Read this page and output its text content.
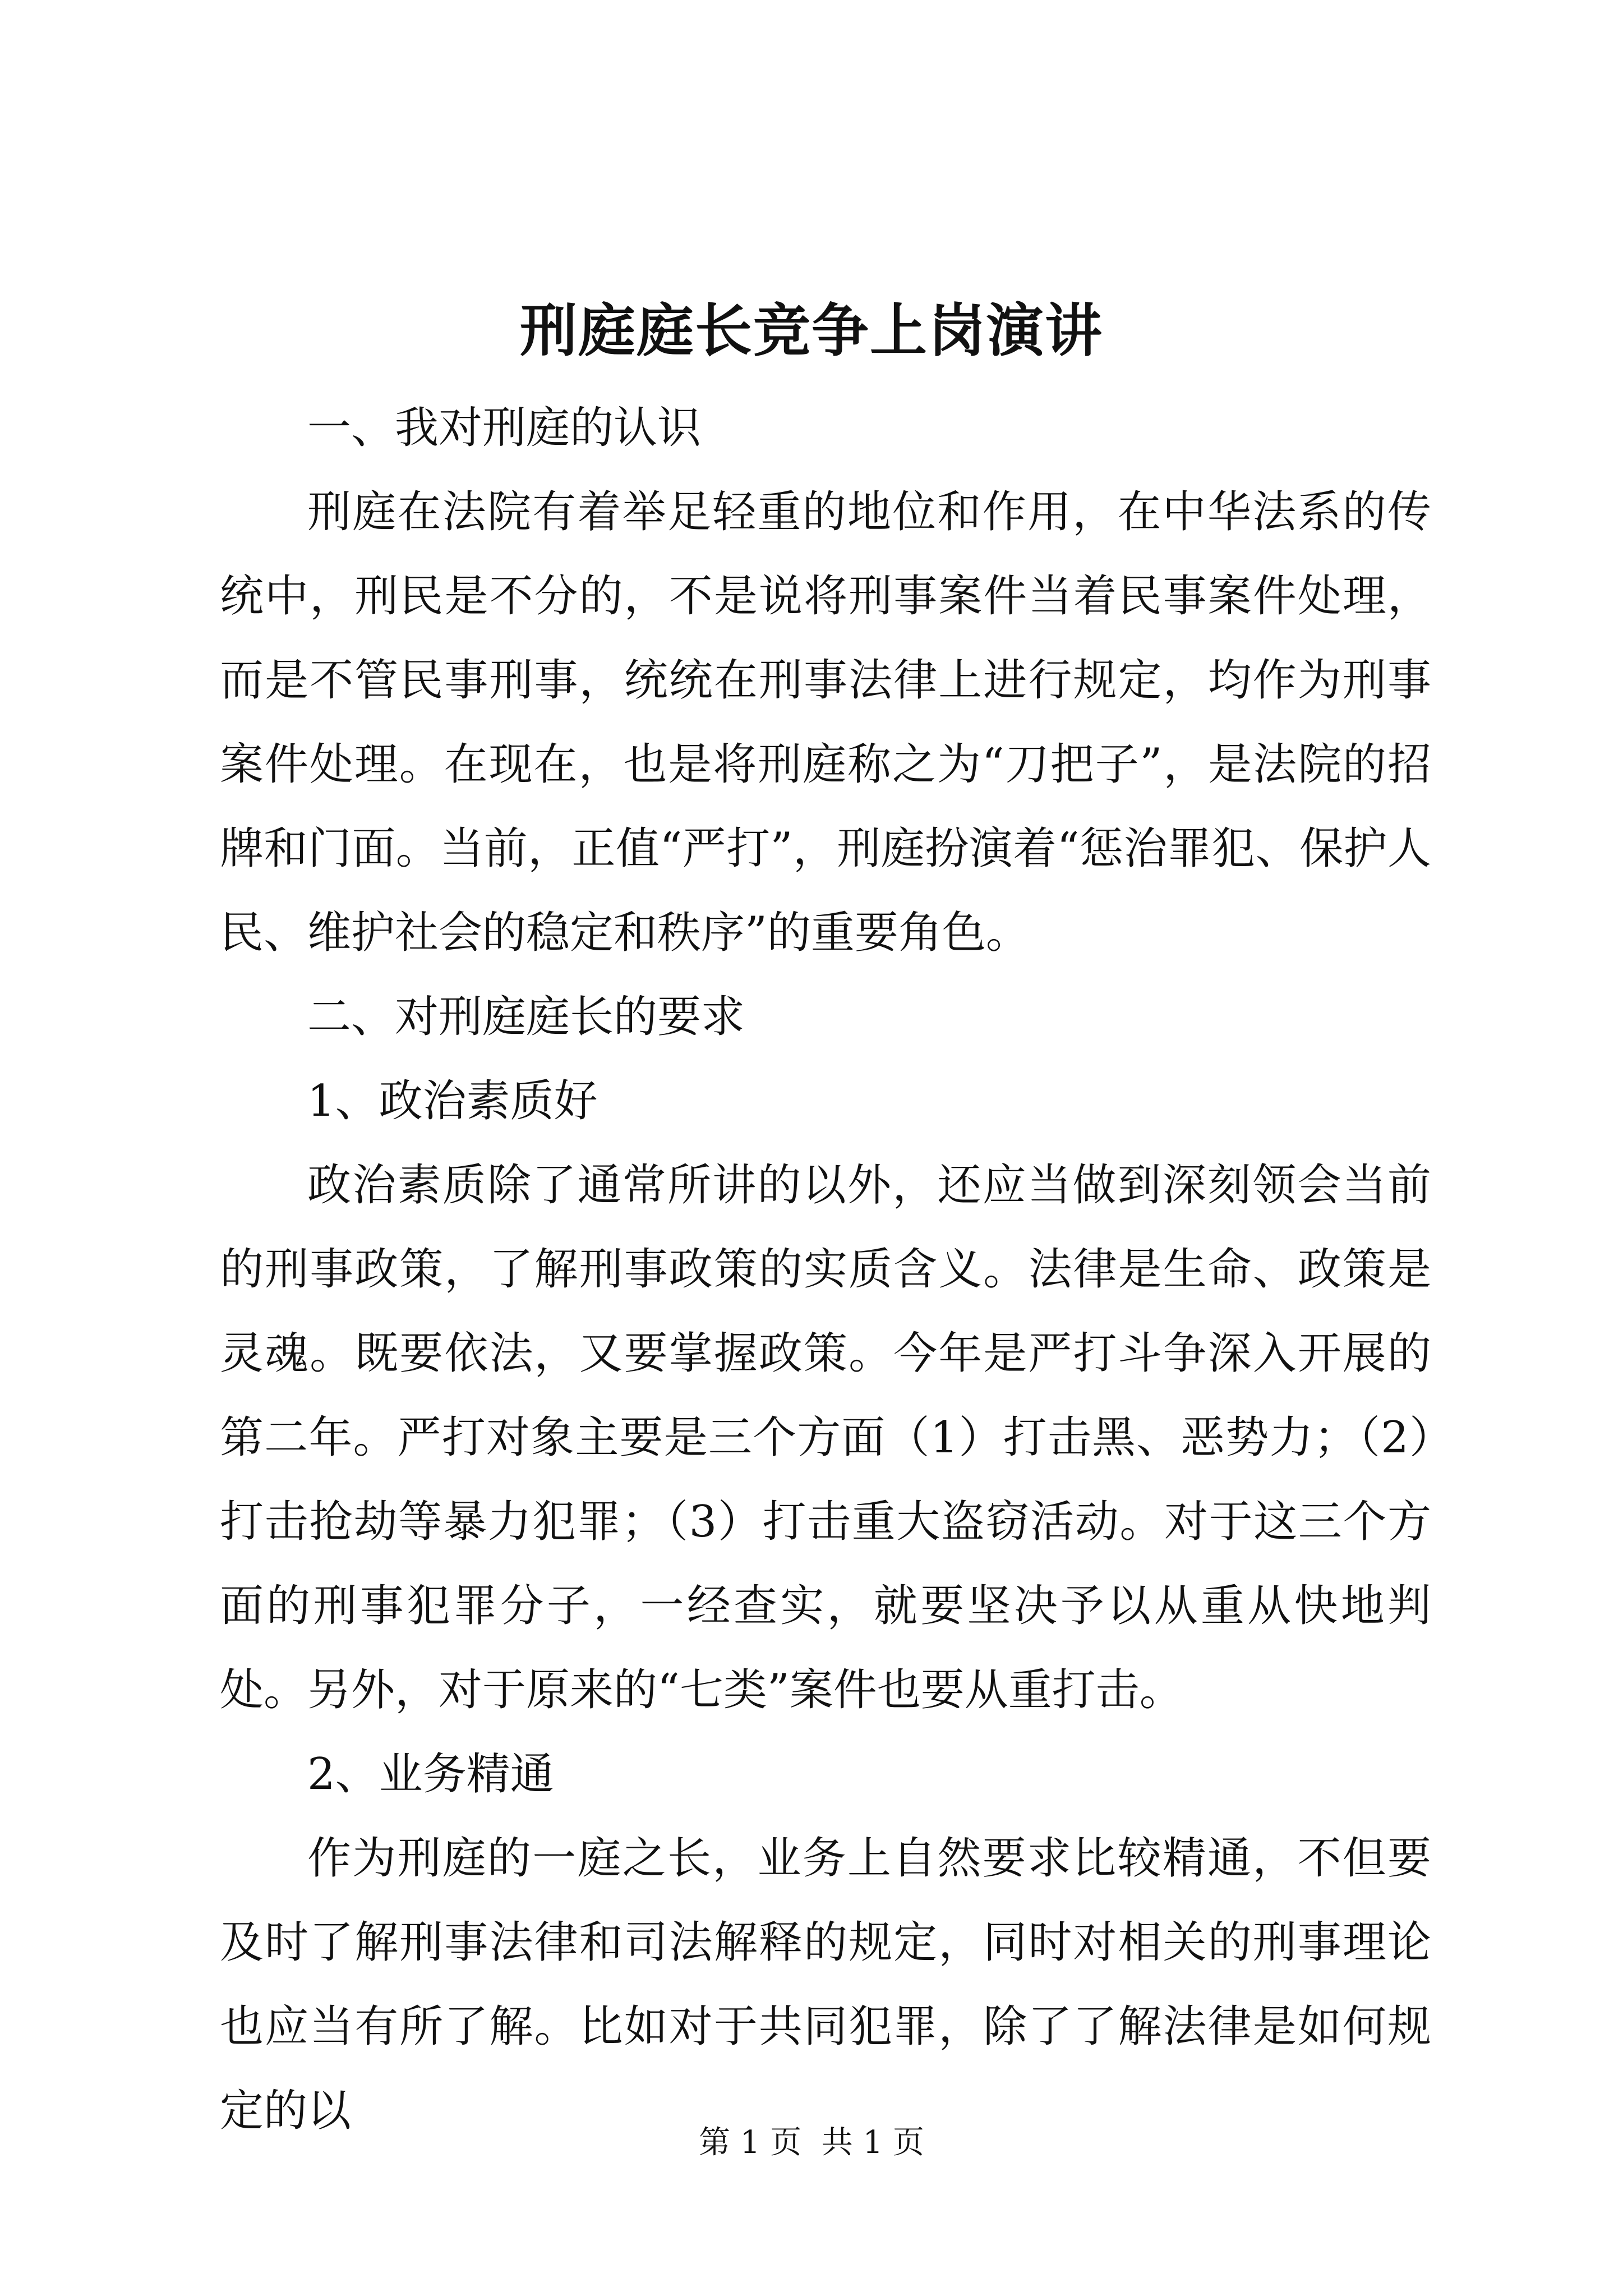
刑庭庭长竞争上岗演讲

一、我对刑庭的认识

刑庭在法院有着举足轻重的地位和作用，在中华法系的传统中，刑民是不分的，不是说将刑事案件当着民事案件处理，而是不管民事刑事，统统在刑事法律上进行规定，均作为刑事案件处理。在现在，也是将刑庭称之为“刀把子”，是法院的招牌和门面。当前，正值“严打”，刑庭扮演着“惩治罪犯、保护人民、维护社会的稳定和秩序”的重要角色。

二、对刑庭庭长的要求

1、政治素质好

政治素质除了通常所讲的以外，还应当做到深刻领会当前的刑事政策，了解刑事政策的实质含义。法律是生命、政策是灵魂。既要依法，又要掌握政策。今年是严打斗争深入开展的第二年。严打对象主要是三个方面（1）打击黑、恶势力；（2）打击抢劫等暴力犯罪；（3）打击重大盗窃活动。对于这三个方面的刑事犯罪分子，一经查实，就要坚决予以从重从快地判处。另外，对于原来的“七类”案件也要从重打击。

2、业务精通

作为刑庭的一庭之长，业务上自然要求比较精通，不但要及时了解刑事法律和司法解释的规定，同时对相关的刑事理论也应当有所了解。比如对于共同犯罪，除了了解法律是如何规定的以

第 1 页  共 1 页
